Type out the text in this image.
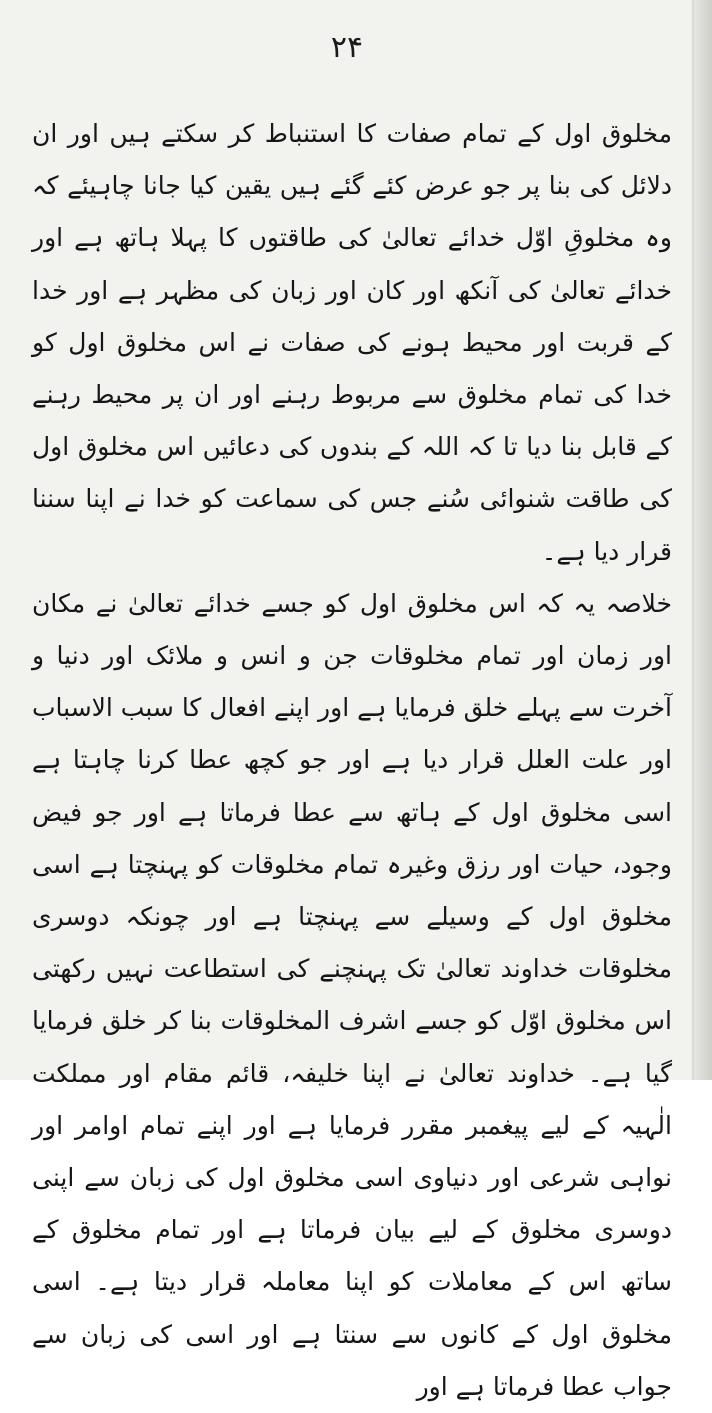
۲۴

مخلوق اول کے تمام صفات کا استنباط کر سکتے ہیں اور ان دلائل کی بنا پر جو عرض کئے گئے ہیں یقین کیا جانا چاہیئے کہ وہ مخلوقِ اوّل خدائے تعالیٰ کی طاقتوں کا پہلا ہاتھ ہے اور خدائے تعالیٰ کی آنکھ اور کان اور زبان کی مظہر ہے اور خدا کے قربت اور محیط ہونے کی صفات نے اس مخلوق اول کو خدا کی تمام مخلوق سے مربوط رہنے اور ان پر محیط رہنے کے قابل بنا دیا تا کہ اللہ کے بندوں کی دعائیں اس مخلوق اول کی طاقت شنوائی سُنے جس کی سماعت کو خدا نے اپنا سننا قرار دیا ہے۔

خلاصہ یہ کہ اس مخلوق اول کو جسے خدائے تعالیٰ نے مکان اور زمان اور تمام مخلوقات جن و انس و ملائک اور دنیا و آخرت سے پہلے خلق فرمایا ہے اور اپنے افعال کا سبب الاسباب اور علت العلل قرار دیا ہے اور جو کچھ عطا کرنا چاہتا ہے اسی مخلوق اول کے ہاتھ سے عطا فرماتا ہے اور جو فیض وجود، حیات اور رزق وغیرہ تمام مخلوقات کو پہنچتا ہے اسی مخلوق اول کے وسیلے سے پہنچتا ہے اور چونکہ دوسری مخلوقات خداوند تعالیٰ تک پہنچنے کی استطاعت نہیں رکھتی اس مخلوق اوّل کو جسے اشرف المخلوقات بنا کر خلق فرمایا گیا ہے۔ خداوند تعالیٰ نے اپنا خلیفہ، قائم مقام اور مملکت الٰہیہ کے لیے پیغمبر مقرر فرمایا ہے اور اپنے تمام اوامر اور نواہی شرعی اور دنیاوی اسی مخلوق اول کی زبان سے اپنی دوسری مخلوق کے لیے بیان فرماتا ہے اور تمام مخلوق کے ساتھ اس کے معاملات کو اپنا معاملہ قرار دیتا ہے۔ اسی مخلوق اول کے کانوں سے سنتا ہے اور اسی کی زبان سے جواب عطا فرماتا ہے اور
